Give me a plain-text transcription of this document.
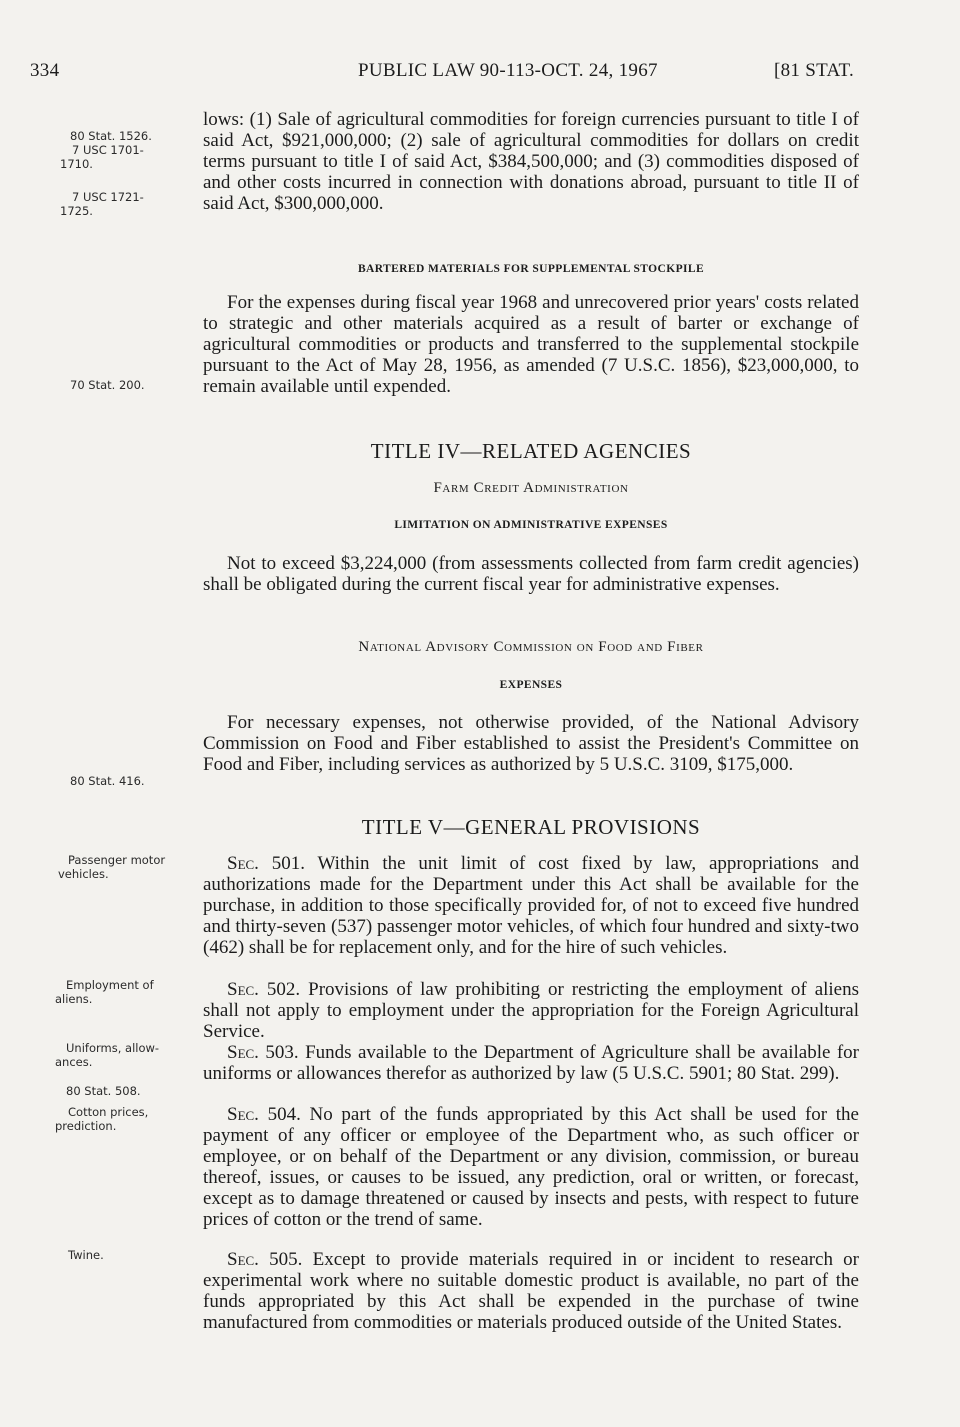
334	PUBLIC LAW 90-113-OCT. 24, 1967	[81 STAT.
80 Stat. 1526.
7 USC 1701-
1710.
7 USC 1721-
1725.
70 Stat. 200.
80 Stat. 416.
Passenger motor
vehicles.
Employment of
aliens.
Uniforms, allow-
ances.
80 Stat. 508.
Cotton prices,
prediction.
Twine.

lows: (1) Sale of agricultural commodities for foreign currencies pursuant to title I of said Act, $921,000,000; (2) sale of agricultural commodities for dollars on credit terms pursuant to title I of said Act, $384,500,000; and (3) commodities disposed of and other costs incurred in connection with donations abroad, pursuant to title II of said Act, $300,000,000.

BARTERED MATERIALS FOR SUPPLEMENTAL STOCKPILE

For the expenses during fiscal year 1968 and unrecovered prior years' costs related to strategic and other materials acquired as a result of barter or exchange of agricultural commodities or products and transferred to the supplemental stockpile pursuant to the Act of May 28, 1956, as amended (7 U.S.C. 1856), $23,000,000, to remain available until expended.

TITLE IV—RELATED AGENCIES

Farm Credit Administration

LIMITATION ON ADMINISTRATIVE EXPENSES

Not to exceed $3,224,000 (from assessments collected from farm credit agencies) shall be obligated during the current fiscal year for administrative expenses.

National Advisory Commission on Food and Fiber

EXPENSES

For necessary expenses, not otherwise provided, of the National Advisory Commission on Food and Fiber established to assist the President's Committee on Food and Fiber, including services as authorized by 5 U.S.C. 3109, $175,000.

TITLE V—GENERAL PROVISIONS

Sec. 501. Within the unit limit of cost fixed by law, appropriations and authorizations made for the Department under this Act shall be available for the purchase, in addition to those specifically provided for, of not to exceed five hundred and thirty-seven (537) passenger motor vehicles, of which four hundred and sixty-two (462) shall be for replacement only, and for the hire of such vehicles.

Sec. 502. Provisions of law prohibiting or restricting the employment of aliens shall not apply to employment under the appropriation for the Foreign Agricultural Service.

Sec. 503. Funds available to the Department of Agriculture shall be available for uniforms or allowances therefor as authorized by law (5 U.S.C. 5901; 80 Stat. 299).

Sec. 504. No part of the funds appropriated by this Act shall be used for the payment of any officer or employee of the Department who, as such officer or employee, or on behalf of the Department or any division, commission, or bureau thereof, issues, or causes to be issued, any prediction, oral or written, or forecast, except as to damage threatened or caused by insects and pests, with respect to future prices of cotton or the trend of same.

Sec. 505. Except to provide materials required in or incident to research or experimental work where no suitable domestic product is available, no part of the funds appropriated by this Act shall be expended in the purchase of twine manufactured from commodities or materials produced outside of the United States.
